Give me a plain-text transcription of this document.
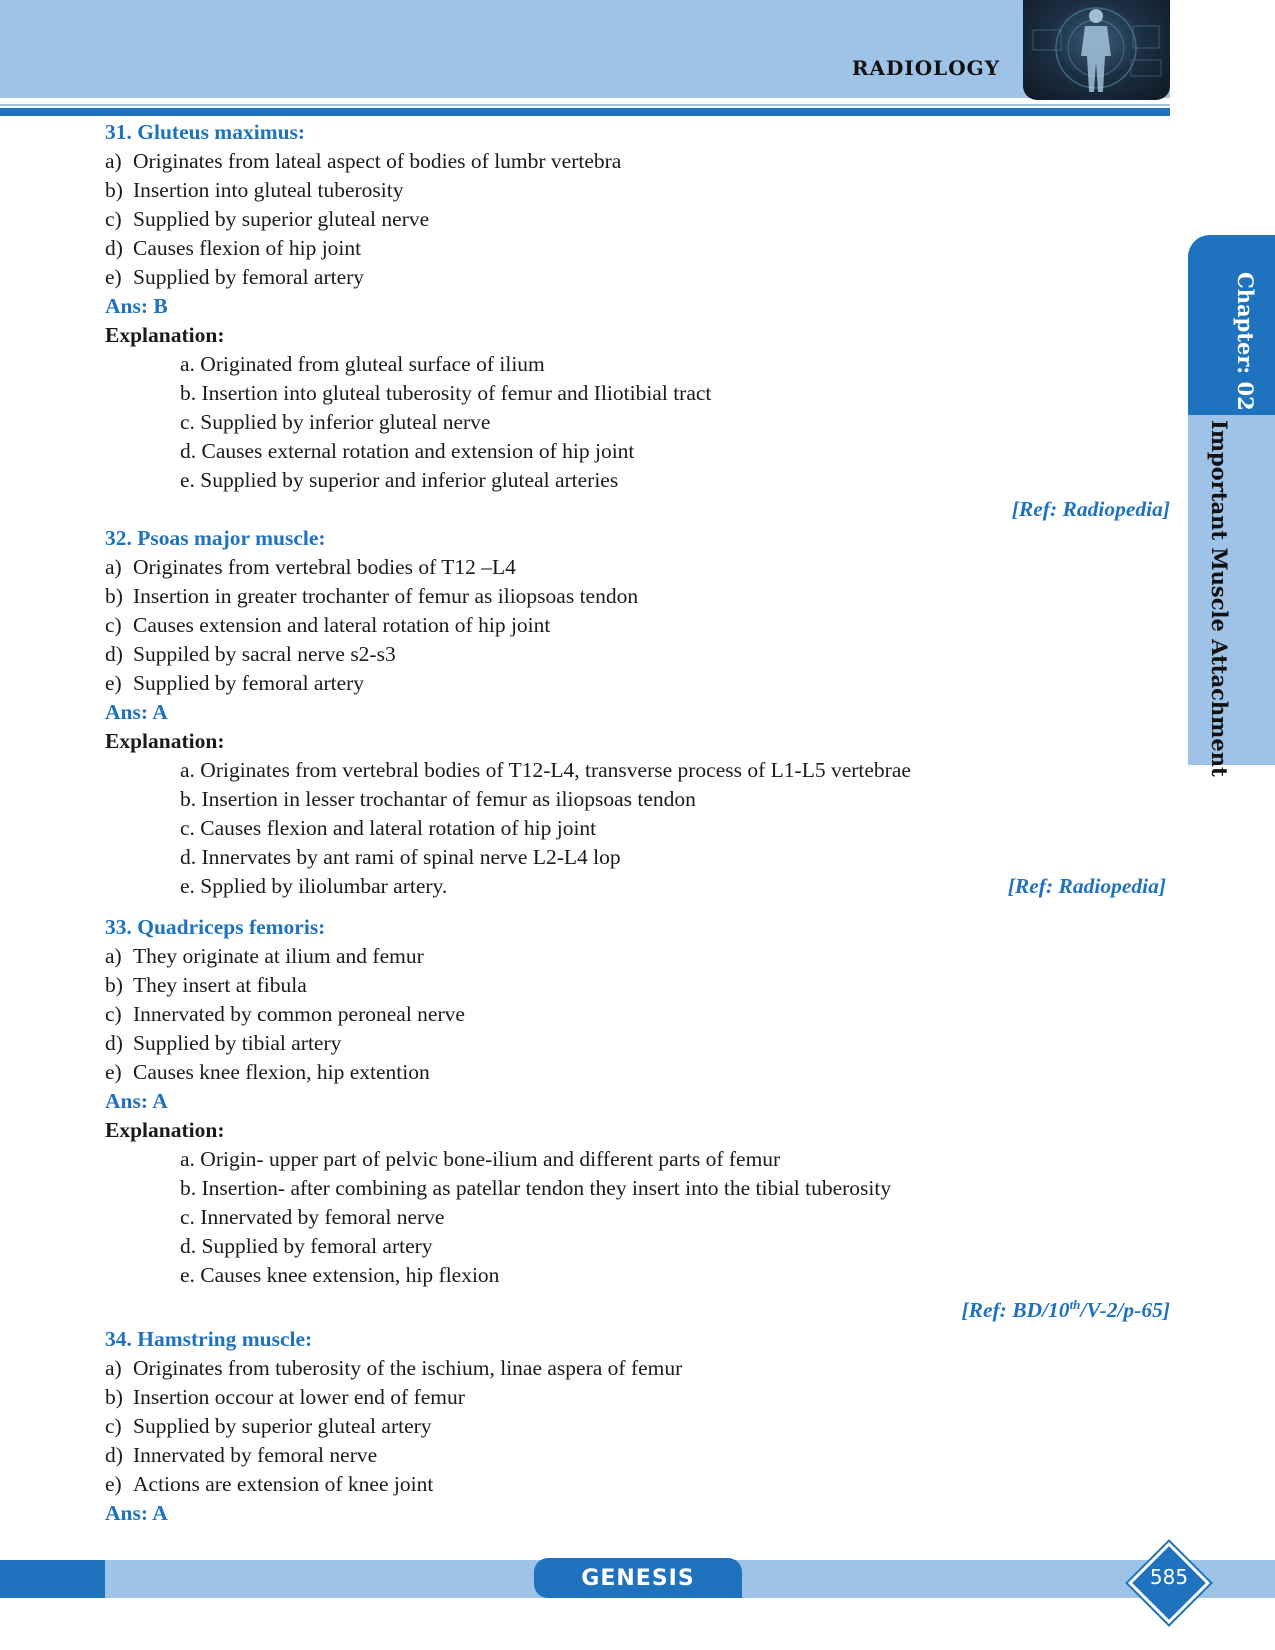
RADIOLOGY
Chapter: 02
Important Muscle Attachment
31. Gluteus maximus:
a) Originates from lateal aspect of bodies of lumbr vertebra
b) Insertion into gluteal tuberosity
c) Supplied by superior gluteal nerve
d) Causes flexion of hip joint
e) Supplied by femoral artery
Ans: B
Explanation:
a. Originated from gluteal surface of ilium
b. Insertion into gluteal tuberosity of femur and Iliotibial tract
c. Supplied by inferior gluteal nerve
d. Causes external rotation and extension of hip joint
e. Supplied by superior and inferior gluteal arteries
[Ref: Radiopedia]
32. Psoas major muscle:
a) Originates from vertebral bodies of T12 –L4
b) Insertion in greater trochanter of femur as iliopsoas tendon
c) Causes extension and lateral rotation of hip joint
d) Suppiled by sacral nerve s2-s3
e) Supplied by femoral artery
Ans: A
Explanation:
a. Originates from vertebral bodies of T12-L4, transverse process of L1-L5 vertebrae
b. Insertion in lesser trochantar of femur as iliopsoas tendon
c. Causes flexion and lateral rotation of hip joint
d. Innervates by ant rami of spinal nerve L2-L4 lop
e. Spplied by iliolumbar artery.	[Ref: Radiopedia]
33. Quadriceps femoris:
a) They originate at ilium and femur
b) They insert at fibula
c) Innervated by common peroneal nerve
d) Supplied by tibial artery
e) Causes knee flexion, hip extention
Ans: A
Explanation:
a. Origin- upper part of pelvic bone-ilium and different parts of femur
b. Insertion- after combining as patellar tendon they insert into the tibial tuberosity
c. Innervated by femoral nerve
d. Supplied by femoral artery
e. Causes knee extension, hip flexion
[Ref: BD/10th/V-2/p-65]
34. Hamstring muscle:
a) Originates from tuberosity of the ischium, linae aspera of femur
b) Insertion occour at lower end of femur
c) Supplied by superior gluteal artery
d) Innervated by femoral nerve
e) Actions are extension of knee joint
Ans: A
GENESIS	585
